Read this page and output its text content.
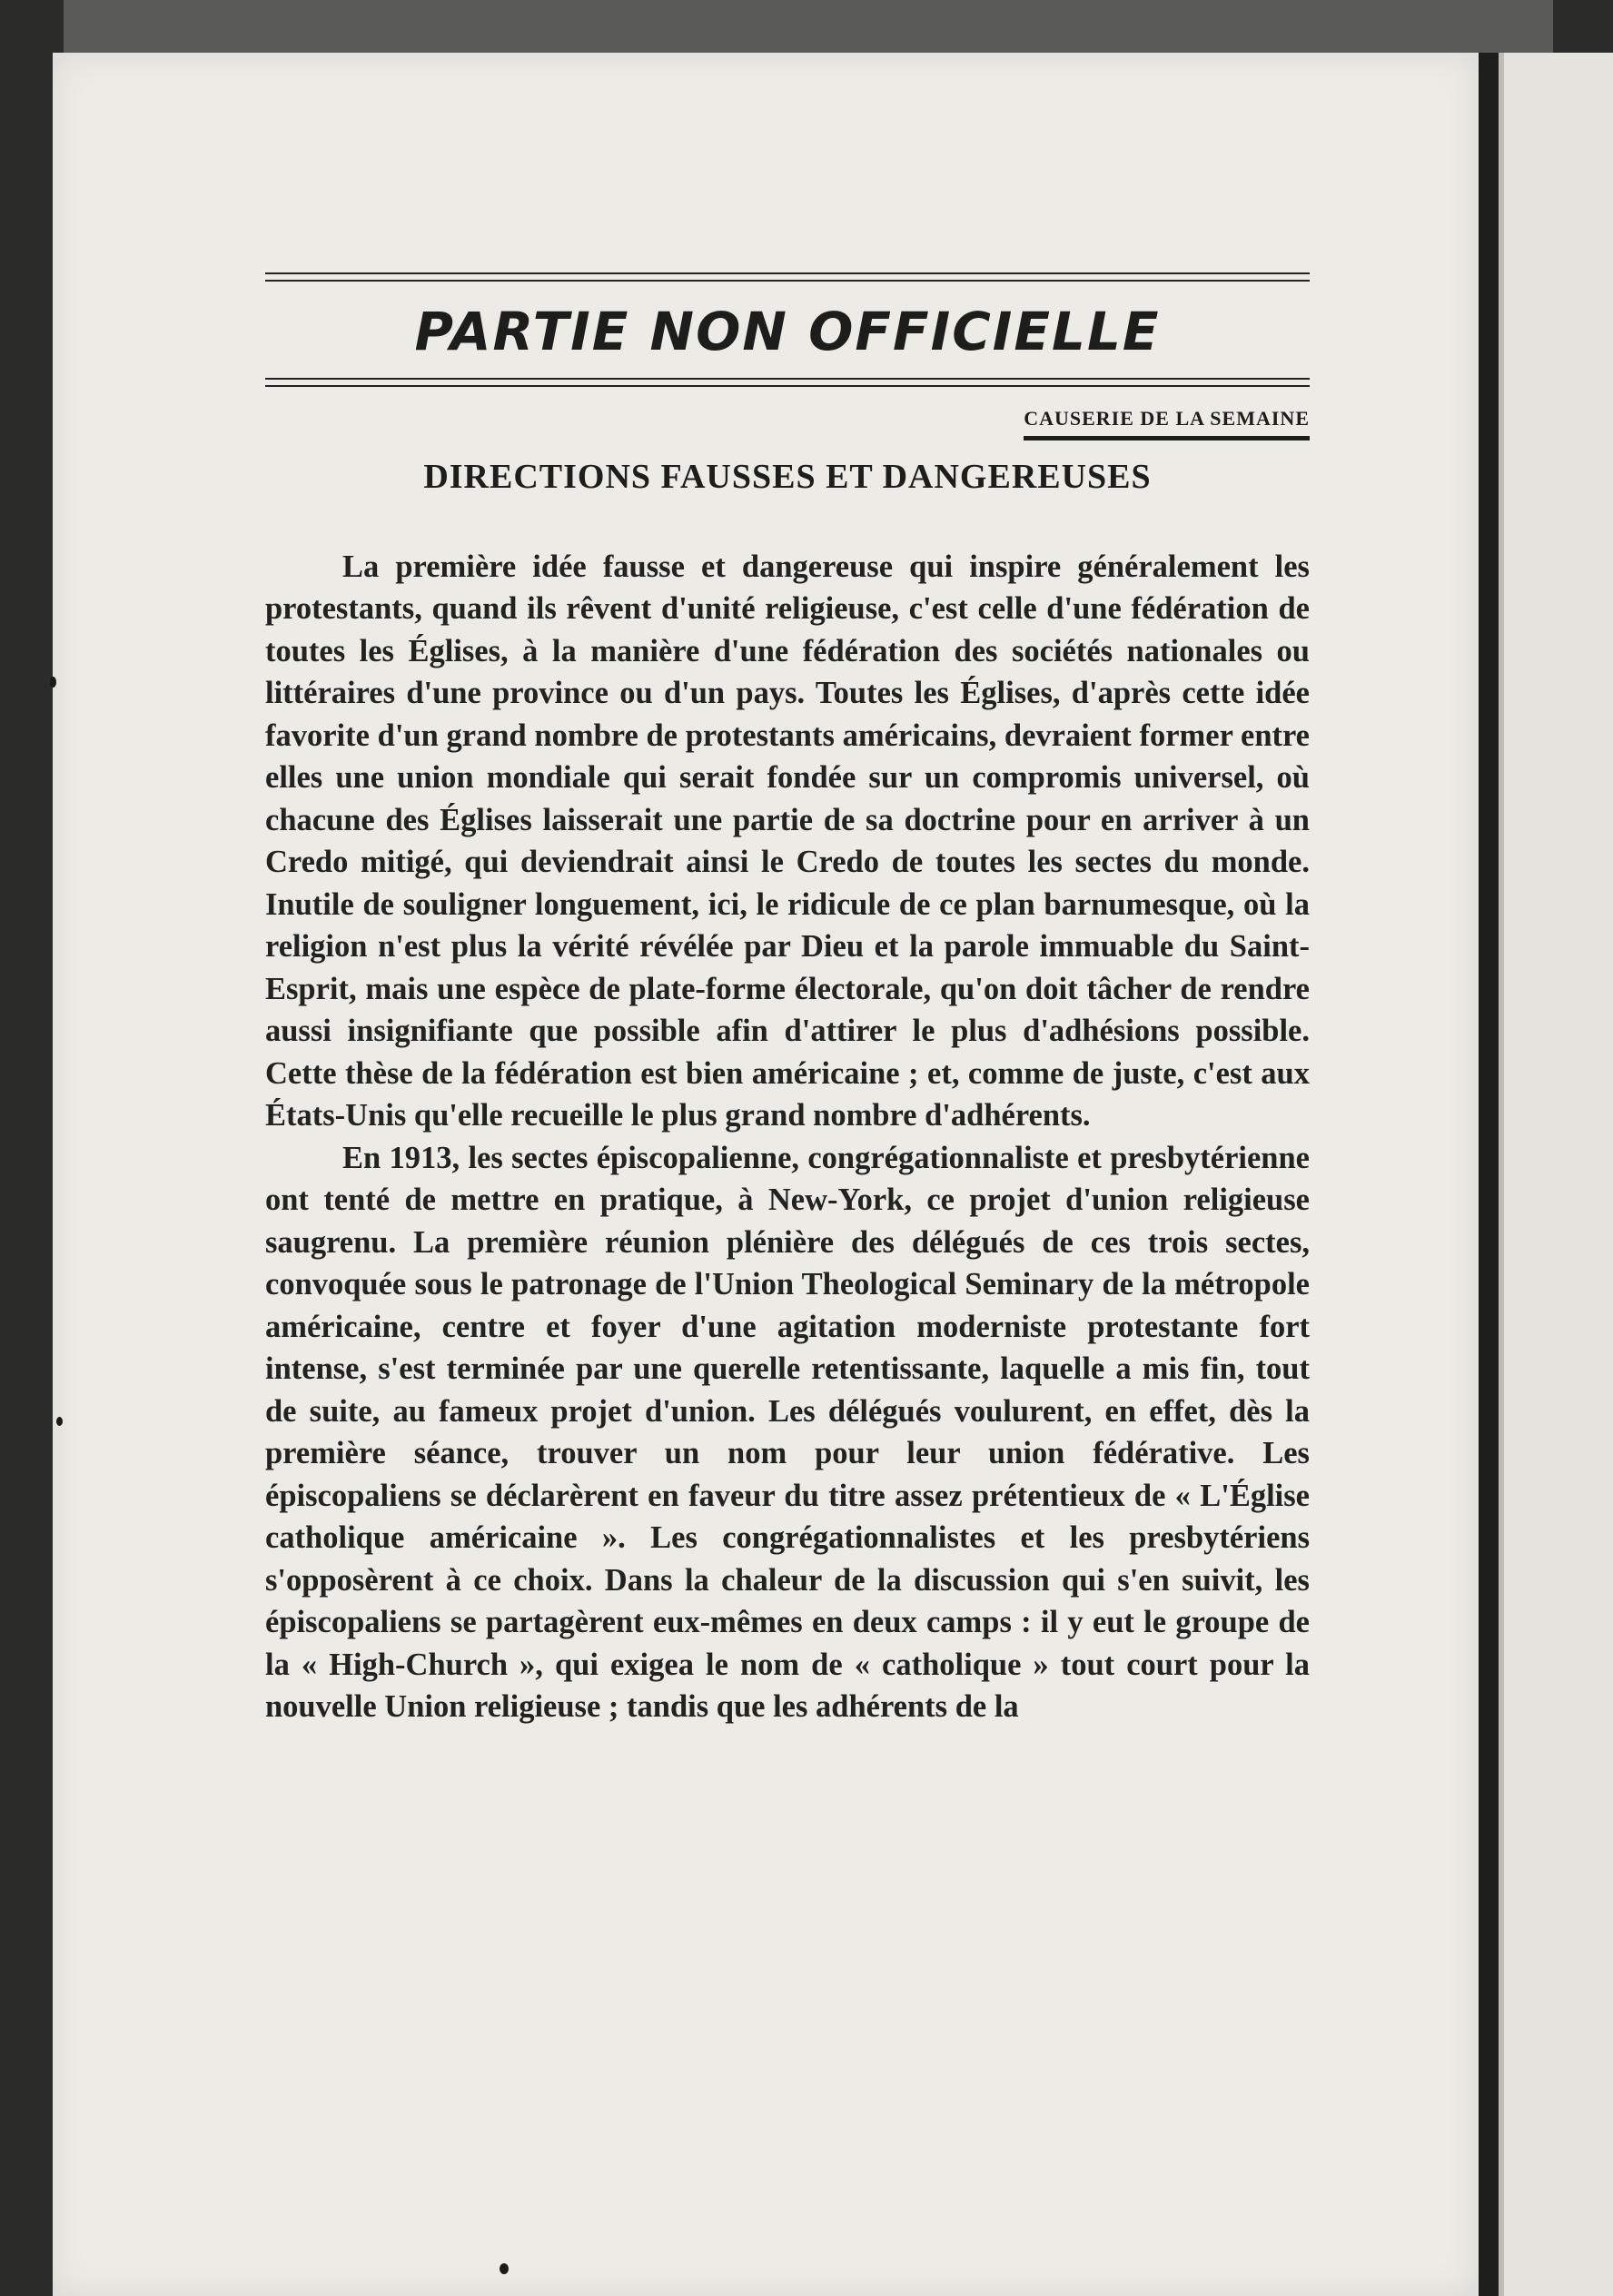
PARTIE NON OFFICIELLE
CAUSERIE DE LA SEMAINE
DIRECTIONS FAUSSES ET DANGEREUSES

La première idée fausse et dangereuse qui inspire généralement les protestants, quand ils rêvent d'unité religieuse, c'est celle d'une fédération de toutes les Églises, à la manière d'une fédération des sociétés nationales ou littéraires d'une province ou d'un pays. Toutes les Églises, d'après cette idée favorite d'un grand nombre de protestants américains, devraient former entre elles une union mondiale qui serait fondée sur un compromis universel, où chacune des Églises laisserait une partie de sa doctrine pour en arriver à un Credo mitigé, qui deviendrait ainsi le Credo de toutes les sectes du monde. Inutile de souligner longuement, ici, le ridicule de ce plan barnumesque, où la religion n'est plus la vérité révélée par Dieu et la parole immuable du Saint-Esprit, mais une espèce de plate-forme électorale, qu'on doit tâcher de rendre aussi insignifiante que possible afin d'attirer le plus d'adhésions possible. Cette thèse de la fédération est bien américaine ; et, comme de juste, c'est aux États-Unis qu'elle recueille le plus grand nombre d'adhérents.

En 1913, les sectes épiscopalienne, congrégationnaliste et presbytérienne ont tenté de mettre en pratique, à New-York, ce projet d'union religieuse saugrenu. La première réunion plénière des délégués de ces trois sectes, convoquée sous le patronage de l'Union Theological Seminary de la métropole américaine, centre et foyer d'une agitation moderniste protestante fort intense, s'est terminée par une querelle retentissante, laquelle a mis fin, tout de suite, au fameux projet d'union. Les délégués voulurent, en effet, dès la première séance, trouver un nom pour leur union fédérative. Les épiscopaliens se déclarèrent en faveur du titre assez prétentieux de « L'Église catholique américaine ». Les congrégationnalistes et les presbytériens s'opposèrent à ce choix. Dans la chaleur de la discussion qui s'en suivit, les épiscopaliens se partagèrent eux-mêmes en deux camps : il y eut le groupe de la « High-Church », qui exigea le nom de « catholique » tout court pour la nouvelle Union religieuse ; tandis que les adhérents de la
